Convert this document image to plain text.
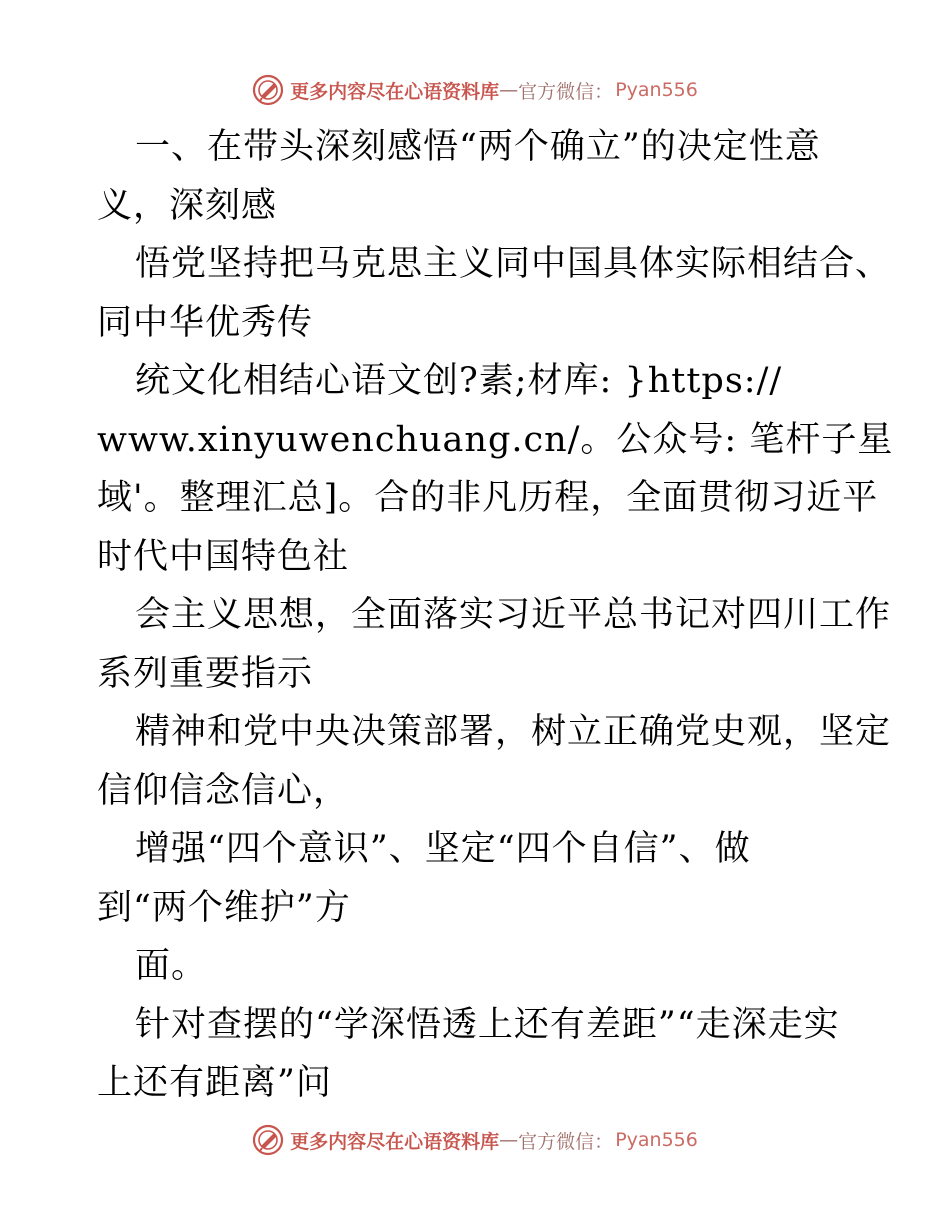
更多内容尽在心语资料库 — 官方微信： Pyan556
一、在带头深刻感悟“两个确立”的决定性意
义，深刻感
悟党坚持把马克思主义同中国具体实际相结合、
同中华优秀传
统文化相结心语文创?素;材库: }https://
www.xinyuwenchuang.cn/。公众号: 笔杆子星
域'。整理汇总]。合的非凡历程，全面贯彻习近平
时代中国特色社
会主义思想，全面落实习近平总书记对四川工作
系列重要指示
精神和党中央决策部署，树立正确党史观，坚定
信仰信念信心，
增强“四个意识”、坚定“四个自信”、做
到“两个维护”方
面。
针对查摆的“学深悟透上还有差距”“走深走实
上还有距离”问
更多内容尽在心语资料库 — 官方微信： Pyan556
